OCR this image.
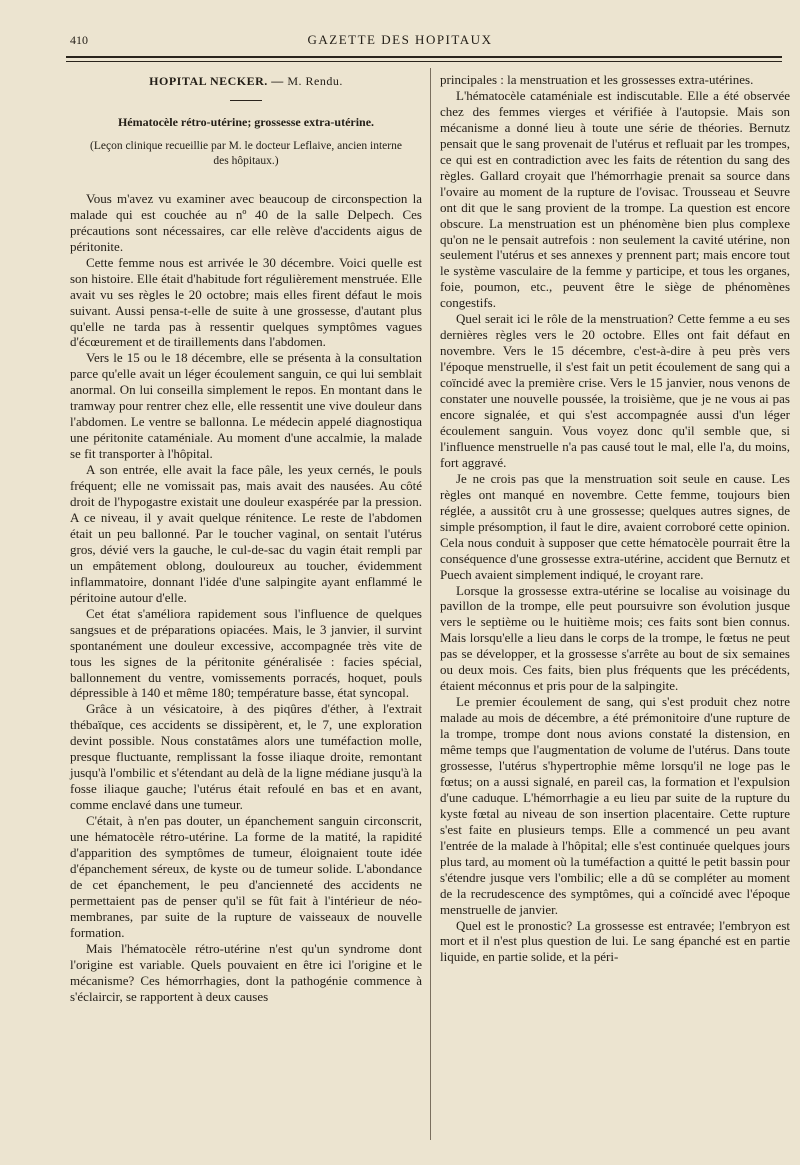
410	GAZETTE DES HOPITAUX
HOPITAL NECKER. — M. Rendu.
Hématocèle rétro-utérine; grossesse extra-utérine.
(Leçon clinique recueillie par M. le docteur Leflaive, ancien interne des hôpitaux.)

Vous m'avez vu examiner avec beaucoup de circonspection la malade qui est couchée au nº 40 de la salle Delpech. Ces précautions sont nécessaires, car elle relève d'accidents aigus de péritonite.

Cette femme nous est arrivée le 30 décembre. Voici quelle est son histoire. Elle était d'habitude fort régulièrement menstruée. Elle avait vu ses règles le 20 octobre; mais elles firent défaut le mois suivant. Aussi pensa-t-elle de suite à une grossesse, d'autant plus qu'elle ne tarda pas à ressentir quelques symptômes vagues d'écœurement et de tiraillements dans l'abdomen.

Vers le 15 ou le 18 décembre, elle se présenta à la consultation parce qu'elle avait un léger écoulement sanguin, ce qui lui semblait anormal. On lui conseilla simplement le repos. En montant dans le tramway pour rentrer chez elle, elle ressentit une vive douleur dans l'abdomen. Le ventre se ballonna. Le médecin appelé diagnostiqua une péritonite cataméniale. Au moment d'une accalmie, la malade se fit transporter à l'hôpital.

A son entrée, elle avait la face pâle, les yeux cernés, le pouls fréquent; elle ne vomissait pas, mais avait des nausées. Au côté droit de l'hypogastre existait une douleur exaspérée par la pression. A ce niveau, il y avait quelque rénitence. Le reste de l'abdomen était un peu ballonné. Par le toucher vaginal, on sentait l'utérus gros, dévié vers la gauche, le cul-de-sac du vagin était rempli par un empâtement oblong, douloureux au toucher, évidemment inflammatoire, donnant l'idée d'une salpingite ayant enflammé le péritoine autour d'elle.

Cet état s'améliora rapidement sous l'influence de quelques sangsues et de préparations opiacées. Mais, le 3 janvier, il survint spontanément une douleur excessive, accompagnée très vite de tous les signes de la péritonite généralisée : facies spécial, ballonnement du ventre, vomissements porracés, hoquet, pouls dépressible à 140 et même 180; température basse, état syncopal.

Grâce à un vésicatoire, à des piqûres d'éther, à l'extrait thébaïque, ces accidents se dissipèrent, et, le 7, une exploration devint possible. Nous constatâmes alors une tuméfaction molle, presque fluctuante, remplissant la fosse iliaque droite, remontant jusqu'à l'ombilic et s'étendant au delà de la ligne médiane jusqu'à la fosse iliaque gauche; l'utérus était refoulé en bas et en avant, comme enclavé dans une tumeur.

C'était, à n'en pas douter, un épanchement sanguin circonscrit, une hématocèle rétro-utérine. La forme de la matité, la rapidité d'apparition des symptômes de tumeur, éloignaient toute idée d'épanchement séreux, de kyste ou de tumeur solide. L'abondance de cet épanchement, le peu d'ancienneté des accidents ne permettaient pas de penser qu'il se fût fait à l'intérieur de néo-membranes, par suite de la rupture de vaisseaux de nouvelle formation.

Mais l'hématocèle rétro-utérine n'est qu'un syndrome dont l'origine est variable. Quels pouvaient en être ici l'origine et le mécanisme? Ces hémorrhagies, dont la pathogénie commence à s'éclaircir, se rapportent à deux causes

principales : la menstruation et les grossesses extra-utérines.

L'hématocèle cataméniale est indiscutable. Elle a été observée chez des femmes vierges et vérifiée à l'autopsie. Mais son mécanisme a donné lieu à toute une série de théories. Bernutz pensait que le sang provenait de l'utérus et refluait par les trompes, ce qui est en contradiction avec les faits de rétention du sang des règles. Gallard croyait que l'hémorrhagie prenait sa source dans l'ovaire au moment de la rupture de l'ovisac. Trousseau et Seuvre ont dit que le sang provient de la trompe. La question est encore obscure. La menstruation est un phénomène bien plus complexe qu'on ne le pensait autrefois : non seulement la cavité utérine, non seulement l'utérus et ses annexes y prennent part; mais encore tout le système vasculaire de la femme y participe, et tous les organes, foie, poumon, etc., peuvent être le siège de phénomènes congestifs.

Quel serait ici le rôle de la menstruation? Cette femme a eu ses dernières règles vers le 20 octobre. Elles ont fait défaut en novembre. Vers le 15 décembre, c'est-à-dire à peu près vers l'époque menstruelle, il s'est fait un petit écoulement de sang qui a coïncidé avec la première crise. Vers le 15 janvier, nous venons de constater une nouvelle poussée, la troisième, que je ne vous ai pas encore signalée, et qui s'est accompagnée aussi d'un léger écoulement sanguin. Vous voyez donc qu'il semble que, si l'influence menstruelle n'a pas causé tout le mal, elle l'a, du moins, fort aggravé.

Je ne crois pas que la menstruation soit seule en cause. Les règles ont manqué en novembre. Cette femme, toujours bien réglée, a aussitôt cru à une grossesse; quelques autres signes, de simple présomption, il faut le dire, avaient corroboré cette opinion. Cela nous conduit à supposer que cette hématocèle pourrait être la conséquence d'une grossesse extra-utérine, accident que Bernutz et Puech avaient simplement indiqué, le croyant rare.

Lorsque la grossesse extra-utérine se localise au voisinage du pavillon de la trompe, elle peut poursuivre son évolution jusque vers le septième ou le huitième mois; ces faits sont bien connus. Mais lorsqu'elle a lieu dans le corps de la trompe, le fœtus ne peut pas se développer, et la grossesse s'arrête au bout de six semaines ou deux mois. Ces faits, bien plus fréquents que les précédents, étaient méconnus et pris pour de la salpingite.

Le premier écoulement de sang, qui s'est produit chez notre malade au mois de décembre, a été prémonitoire d'une rupture de la trompe, trompe dont nous avions constaté la distension, en même temps que l'augmentation de volume de l'utérus. Dans toute grossesse, l'utérus s'hypertrophie même lorsqu'il ne loge pas le fœtus; on a aussi signalé, en pareil cas, la formation et l'expulsion d'une caduque. L'hémorrhagie a eu lieu par suite de la rupture du kyste fœtal au niveau de son insertion placentaire. Cette rupture s'est faite en plusieurs temps. Elle a commencé un peu avant l'entrée de la malade à l'hôpital; elle s'est continuée quelques jours plus tard, au moment où la tuméfaction a quitté le petit bassin pour s'étendre jusque vers l'ombilic; elle a dû se compléter au moment de la recrudescence des symptômes, qui a coïncidé avec l'époque menstruelle de janvier.

Quel est le pronostic? La grossesse est entravée; l'embryon est mort et il n'est plus question de lui. Le sang épanché est en partie liquide, en partie solide, et la péri-
